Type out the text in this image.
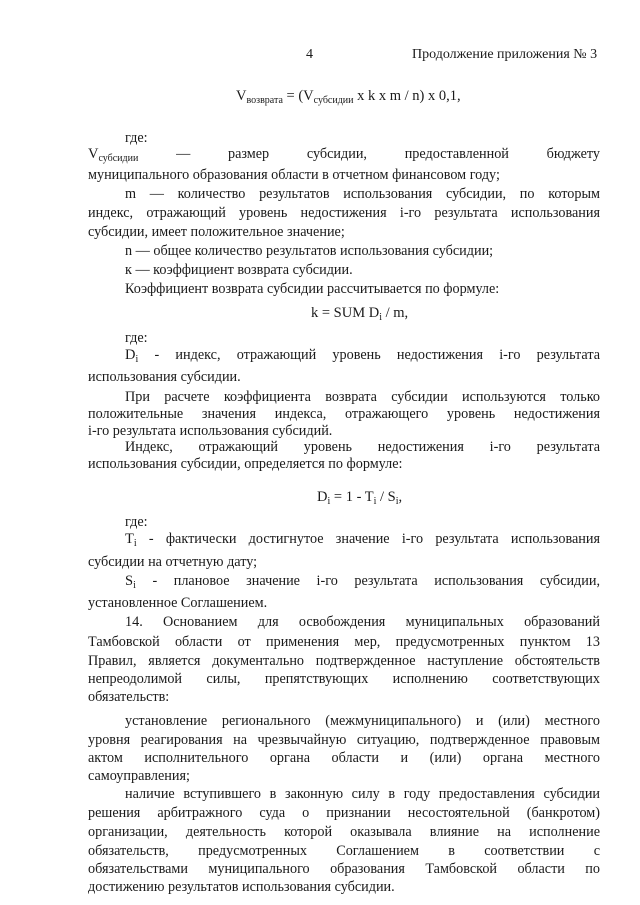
4	Продолжение приложения № 3
$V_{возврата} = (V_{субсидии}$ x k x m / n) x 0,1,
где:
$V_{субсидии}$	—	размер	субсидии,	предоставленной	бюджету
муниципального образования области в отчетном финансовом году;
m — количество результатов использования субсидии, по которым
индекс, отражающий уровень недостижения i-го результата использования
субсидии, имеет положительное значение;
n — общее количество результатов использования субсидии;
к — коэффициент возврата субсидии.
Коэффициент возврата субсидии рассчитывается по формуле:
k = SUM $D_i$ / m,
где:
$D_i$ - индекс, отражающий уровень недостижения i-го результата
использования субсидии.
При расчете коэффициента возврата субсидии используются только
положительные значения индекса, отражающего уровень недостижения
i-го результата использования субсидий.
Индекс, отражающий уровень недостижения i-го результата
использования субсидии, определяется по формуле:
$D_i = 1 - T_i / S_i$,
где:
$T_i$ - фактически достигнутое значение i-го результата использования
субсидии на отчетную дату;
$S_i$ - плановое значение i-го результата использования субсидии,
установленное Соглашением.
14. Основанием для освобождения муниципальных образований
Тамбовской области от применения мер, предусмотренных пунктом 13
Правил, является документально подтвержденное наступление обстоятельств
непреодолимой силы, препятствующих исполнению соответствующих
обязательств:
установление регионального (межмуниципального) и (или) местного
уровня реагирования на чрезвычайную ситуацию, подтвержденное правовым
актом исполнительного органа области и (или) органа местного
самоуправления;
наличие вступившего в законную силу в году предоставления субсидии
решения арбитражного суда о признании несостоятельной (банкротом)
организации, деятельность которой оказывала влияние на исполнение
обязательств, предусмотренных Соглашением в соответствии с
обязательствами муниципального образования Тамбовской области по
достижению результатов использования субсидии.
